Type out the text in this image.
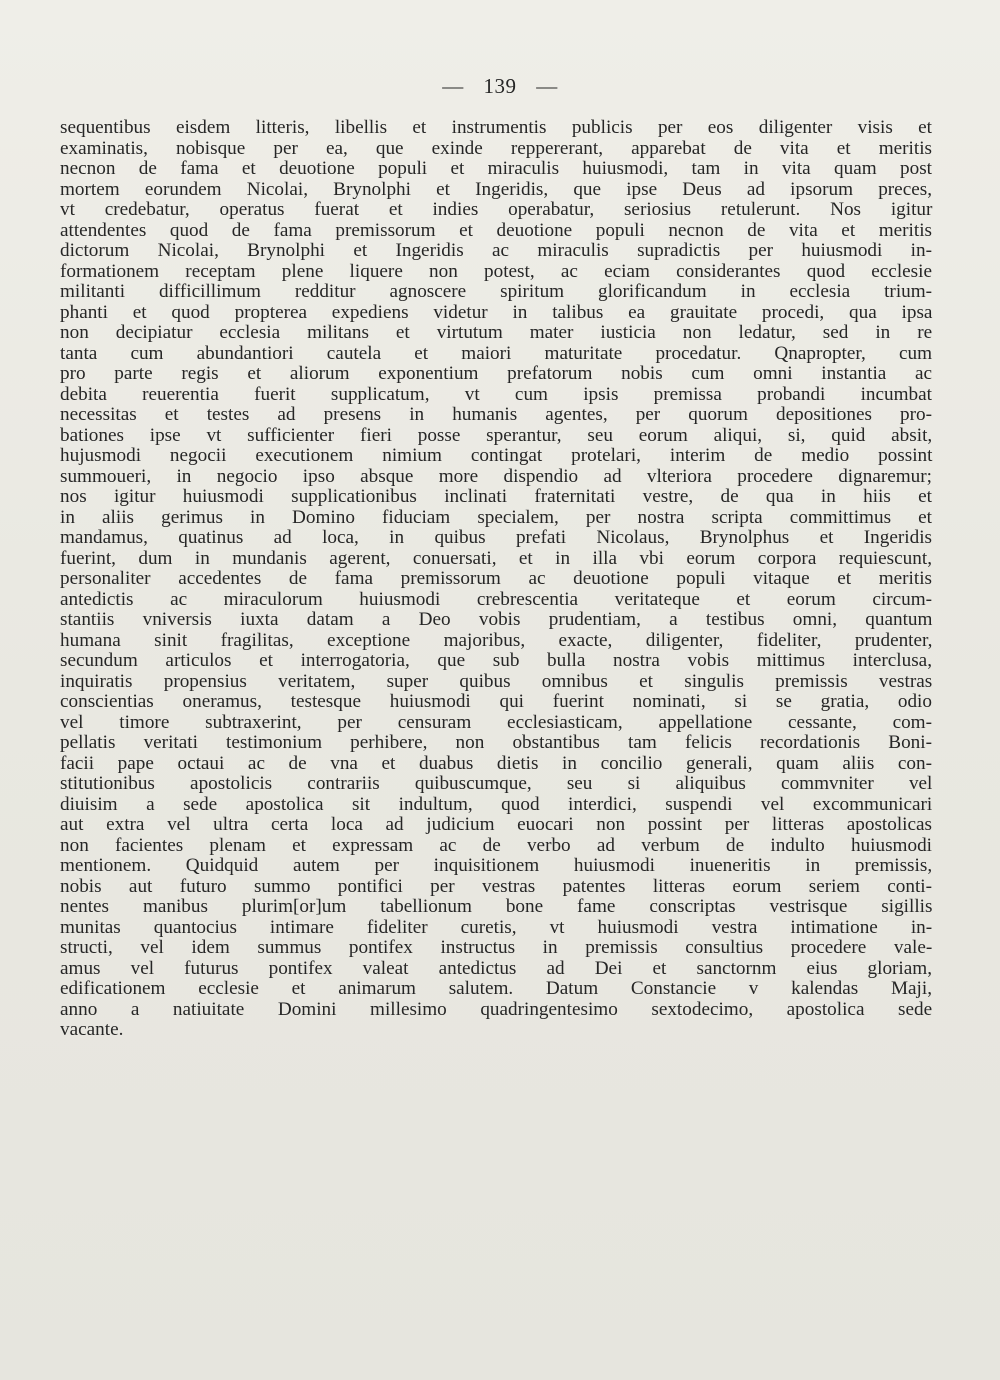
— 139 —
sequentibus eisdem litteris, libellis et instrumentis publicis per eos diligenter visis et
examinatis, nobisque per ea, que exinde reppererant, apparebat de vita et meritis
necnon de fama et deuotione populi et miraculis huiusmodi, tam in vita quam post
mortem eorundem Nicolai, Brynolphi et Ingeridis, que ipse Deus ad ipsorum preces,
vt credebatur, operatus fuerat et indies operabatur, seriosius retulerunt. Nos igitur
attendentes quod de fama premissorum et deuotione populi necnon de vita et meritis
dictorum Nicolai, Brynolphi et Ingeridis ac miraculis supradictis per huiusmodi in-
formationem receptam plene liquere non potest, ac eciam considerantes quod ecclesie
militanti difficillimum redditur agnoscere spiritum glorificandum in ecclesia trium-
phanti et quod propterea expediens videtur in talibus ea grauitate procedi, qua ipsa
non decipiatur ecclesia militans et virtutum mater iusticia non ledatur, sed in re
tanta cum abundantiori cautela et maiori maturitate procedatur. Qnapropter, cum
pro parte regis et aliorum exponentium prefatorum nobis cum omni instantia ac
debita reuerentia fuerit supplicatum, vt cum ipsis premissa probandi incumbat
necessitas et testes ad presens in humanis agentes, per quorum depositiones pro-
bationes ipse vt sufficienter fieri posse sperantur, seu eorum aliqui, si, quid absit,
hujusmodi negocii executionem nimium contingat protelari, interim de medio possint
summoueri, in negocio ipso absque more dispendio ad vlteriora procedere dignaremur;
nos igitur huiusmodi supplicationibus inclinati fraternitati vestre, de qua in hiis et
in aliis gerimus in Domino fiduciam specialem, per nostra scripta committimus et
mandamus, quatinus ad loca, in quibus prefati Nicolaus, Brynolphus et Ingeridis
fuerint, dum in mundanis agerent, conuersati, et in illa vbi eorum corpora requiescunt,
personaliter accedentes de fama premissorum ac deuotione populi vitaque et meritis
antedictis ac miraculorum huiusmodi crebrescentia veritateque et eorum circum-
stantiis vniversis iuxta datam a Deo vobis prudentiam, a testibus omni, quantum
humana sinit fragilitas, exceptione majoribus, exacte, diligenter, fideliter, prudenter,
secundum articulos et interrogatoria, que sub bulla nostra vobis mittimus interclusa,
inquiratis propensius veritatem, super quibus omnibus et singulis premissis vestras
conscientias oneramus, testesque huiusmodi qui fuerint nominati, si se gratia, odio
vel timore subtraxerint, per censuram ecclesiasticam, appellatione cessante, com-
pellatis veritati testimonium perhibere, non obstantibus tam felicis recordationis Boni-
facii pape octaui ac de vna et duabus dietis in concilio generali, quam aliis con-
stitutionibus apostolicis contrariis quibuscumque, seu si aliquibus commvniter vel
diuisim a sede apostolica sit indultum, quod interdici, suspendi vel excommunicari
aut extra vel ultra certa loca ad judicium euocari non possint per litteras apostolicas
non facientes plenam et expressam ac de verbo ad verbum de indulto huiusmodi
mentionem. Quidquid autem per inquisitionem huiusmodi inueneritis in premissis,
nobis aut futuro summo pontifici per vestras patentes litteras eorum seriem conti-
nentes manibus plurim[or]um tabellionum bone fame conscriptas vestrisque sigillis
munitas quantocius intimare fideliter curetis, vt huiusmodi vestra intimatione in-
structi, vel idem summus pontifex instructus in premissis consultius procedere vale-
amus vel futurus pontifex valeat antedictus ad Dei et sanctornm eius gloriam,
edificationem ecclesie et animarum salutem. Datum Constancie v kalendas Maji,
anno a natiuitate Domini millesimo quadringentesimo sextodecimo, apostolica sede
vacante.
